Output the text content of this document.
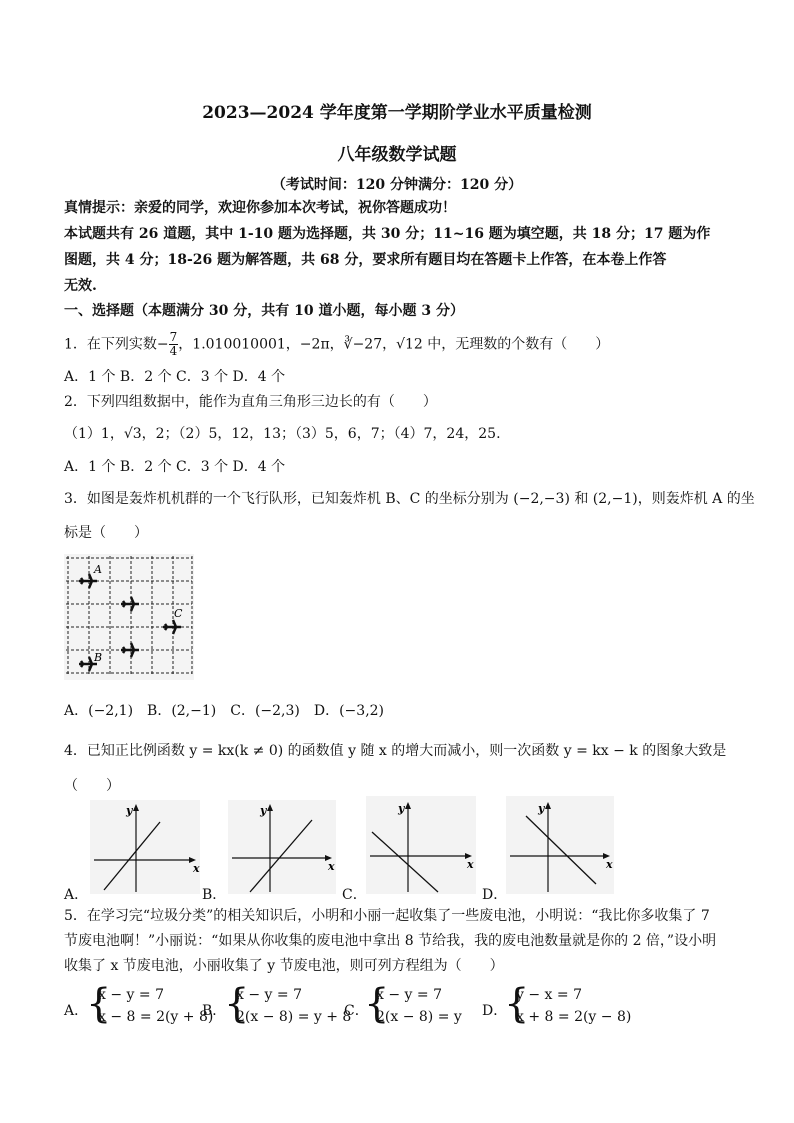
2023—2024 学年度第一学期阶学业水平质量检测
八年级数学试题
（考试时间：120 分钟满分：120 分）
真情提示：亲爱的同学，欢迎你参加本次考试，祝你答题成功！
本试题共有 26 道题，其中 1-10 题为选择题，共 30 分；11~16 题为填空题，共 18 分；17 题为作
图题，共 4 分；18-26 题为解答题，共 68 分，要求所有题目均在答题卡上作答，在本卷上作答
无效.
一、选择题（本题满分 30 分，共有 10 道小题，每小题 3 分）
1．在下列实数− $\frac{7}{4}$ ，1.010010001，−2π，∛−27，√12 中，无理数的个数有（　　）
A．1 个 B．2 个 C．3 个 D．4 个
2．下列四组数据中，能作为直角三角形三边长的有（　　）
（1）1，√3，2；（2）5，12，13；（3）5，6，7；（4）7，24，25.
A．1 个 B．2 个 C．3 个 D．4 个
3．如图是轰炸机机群的一个飞行队形，已知轰炸机 B、C 的坐标分别为 (−2,−3) 和 (2,−1)，则轰炸机 A 的坐
标是（　　）
A
B
C
A．(−2,1)　B．(2,−1)　C．(−2,3)　D．(−3,2)
4．已知正比例函数 y = kx(k ≠ 0) 的函数值 y 随 x 的增大而减小，则一次函数 y = kx − k 的图象大致是
（　　）
y
x
y
x
y
x
y
x
A．	B．	C．	D．
5．在学习完“垃圾分类”的相关知识后，小明和小丽一起收集了一些废电池，小明说：“我比你多收集了 7
节废电池啊！”小丽说：“如果从你收集的废电池中拿出 8 节给我，我的废电池数量就是你的 2 倍，”设小明
收集了 x 节废电池，小丽收集了 y 节废电池，则可列方程组为（　　）
A．
{
x − y = 7
x − 8 = 2(y + 8)
B．
{
x − y = 7
2(x − 8) = y + 8
C．
{
x − y = 7
2(x − 8) = y D．
{
y − x = 7
x + 8 = 2(y − 8)
